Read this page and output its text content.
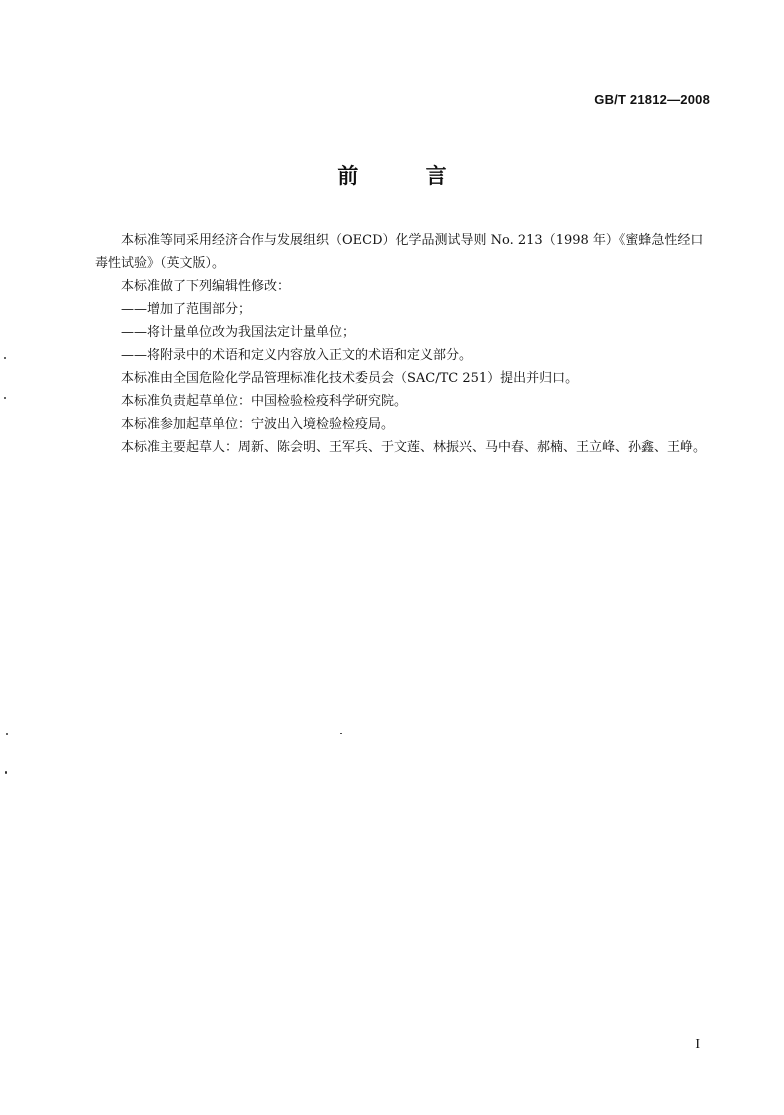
GB/T 21812—2008
前 言

本标准等同采用经济合作与发展组织（OECD）化学品测试导则 No. 213（1998 年）《蜜蜂急性经口毒性试验》（英文版）。

本标准做了下列编辑性修改：

——增加了范围部分；

——将计量单位改为我国法定计量单位；

——将附录中的术语和定义内容放入正文的术语和定义部分。

本标准由全国危险化学品管理标准化技术委员会（SAC/TC 251）提出并归口。

本标准负责起草单位：中国检验检疫科学研究院。

本标准参加起草单位：宁波出入境检验检疫局。

本标准主要起草人：周新、陈会明、王军兵、于文莲、林振兴、马中春、郝楠、王立峰、孙鑫、王峥。

I
